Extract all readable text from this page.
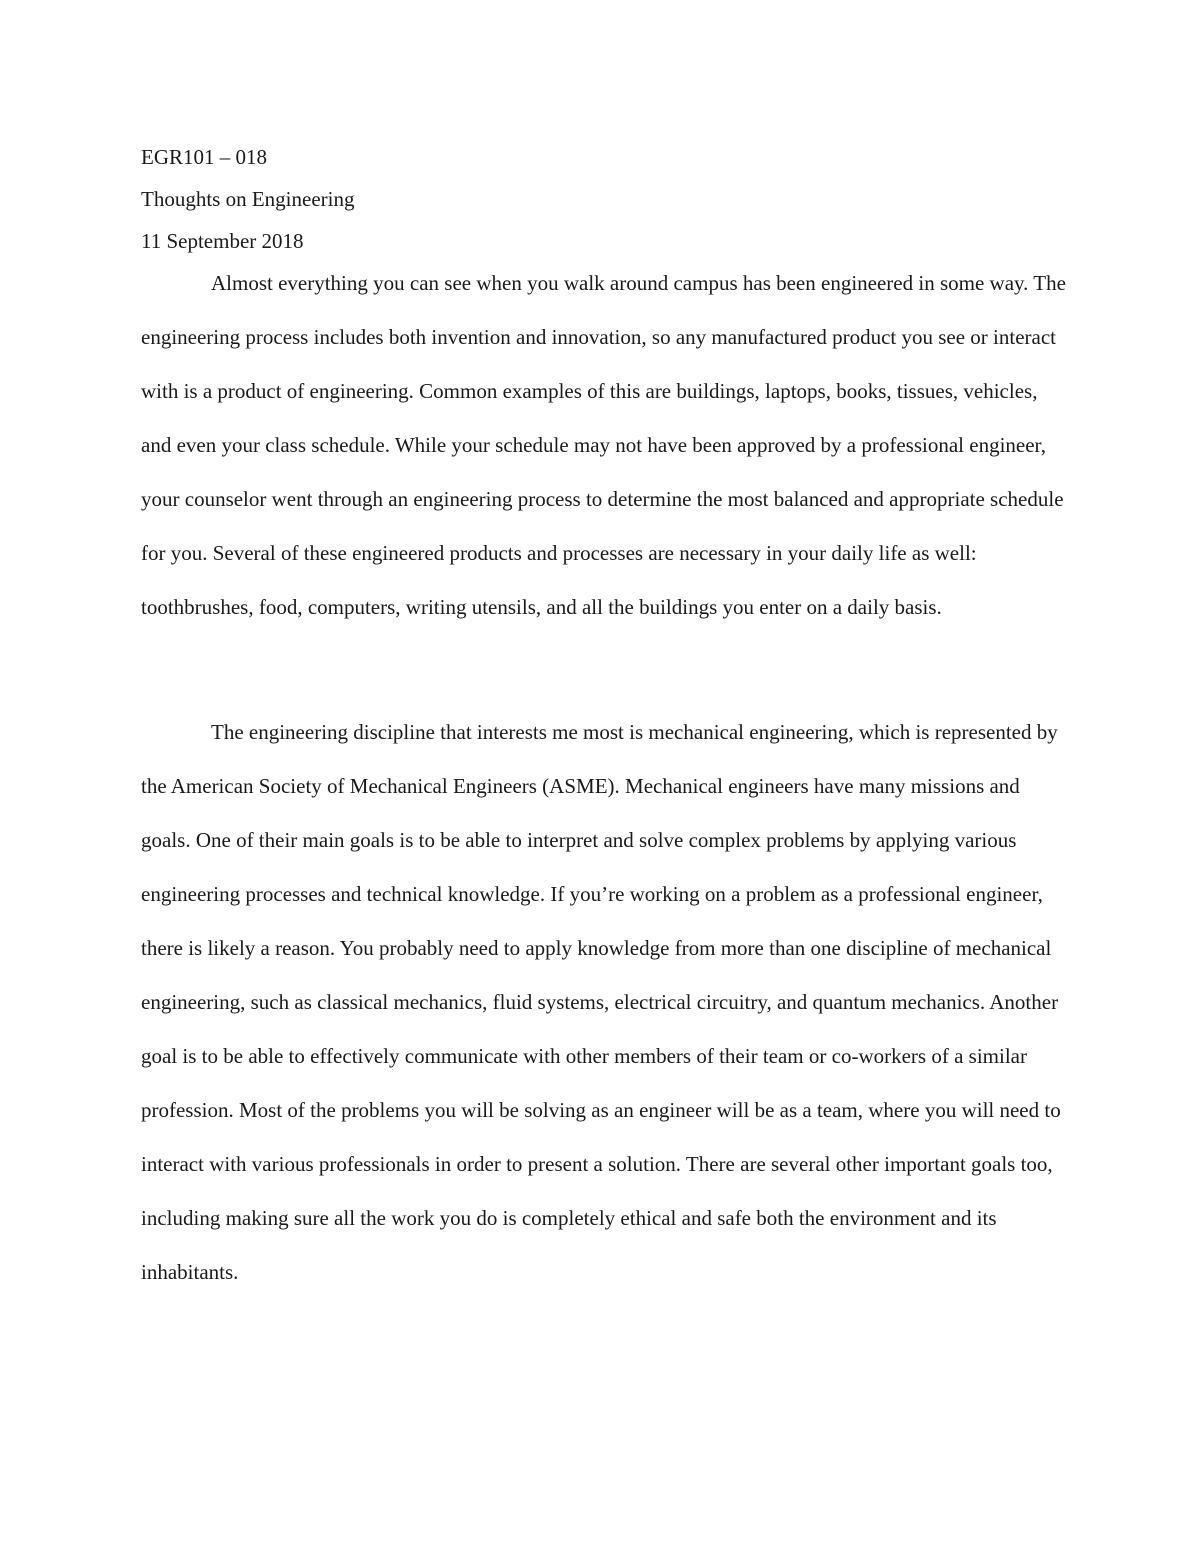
EGR101 – 018

Thoughts on Engineering

11 September 2018

Almost everything you can see when you walk around campus has been engineered in some way. The engineering process includes both invention and innovation, so any manufactured product you see or interact with is a product of engineering. Common examples of this are buildings, laptops, books, tissues, vehicles, and even your class schedule. While your schedule may not have been approved by a professional engineer, your counselor went through an engineering process to determine the most balanced and appropriate schedule for you. Several of these engineered products and processes are necessary in your daily life as well: toothbrushes, food, computers, writing utensils, and all the buildings you enter on a daily basis.

The engineering discipline that interests me most is mechanical engineering, which is represented by the American Society of Mechanical Engineers (ASME). Mechanical engineers have many missions and goals. One of their main goals is to be able to interpret and solve complex problems by applying various engineering processes and technical knowledge. If you’re working on a problem as a professional engineer, there is likely a reason. You probably need to apply knowledge from more than one discipline of mechanical engineering, such as classical mechanics, fluid systems, electrical circuitry, and quantum mechanics. Another goal is to be able to effectively communicate with other members of their team or co-workers of a similar profession. Most of the problems you will be solving as an engineer will be as a team, where you will need to interact with various professionals in order to present a solution. There are several other important goals too, including making sure all the work you do is completely ethical and safe both the environment and its inhabitants.
